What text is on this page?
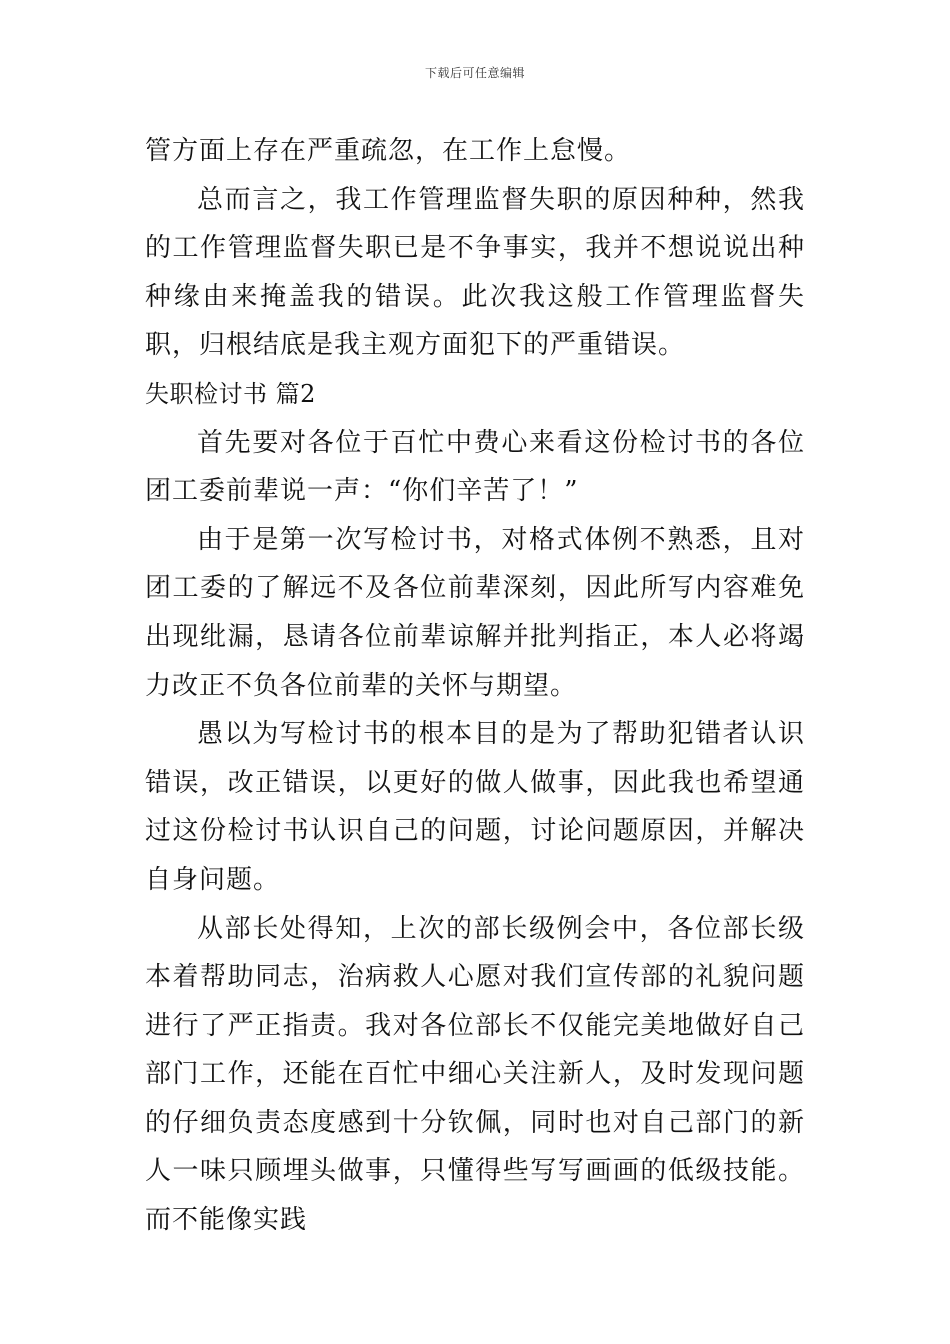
下载后可任意编辑

管方面上存在严重疏忽，在工作上怠慢。

总而言之，我工作管理监督失职的原因种种，然我的工作管理监督失职已是不争事实，我并不想说说出种种缘由来掩盖我的错误。此次我这般工作管理监督失职，归根结底是我主观方面犯下的严重错误。

失职检讨书 篇2

首先要对各位于百忙中费心来看这份检讨书的各位团工委前辈说一声：“你们辛苦了！”

由于是第一次写检讨书，对格式体例不熟悉，且对团工委的了解远不及各位前辈深刻，因此所写内容难免出现纰漏，恳请各位前辈谅解并批判指正，本人必将竭力改正不负各位前辈的关怀与期望。

愚以为写检讨书的根本目的是为了帮助犯错者认识错误，改正错误，以更好的做人做事，因此我也希望通过这份检讨书认识自己的问题，讨论问题原因，并解决自身问题。

从部长处得知，上次的部长级例会中，各位部长级本着帮助同志，治病救人心愿对我们宣传部的礼貌问题进行了严正指责。我对各位部长不仅能完美地做好自己部门工作，还能在百忙中细心关注新人，及时发现问题的仔细负责态度感到十分钦佩，同时也对自己部门的新人一味只顾埋头做事，只懂得些写写画画的低级技能。而不能像实践
